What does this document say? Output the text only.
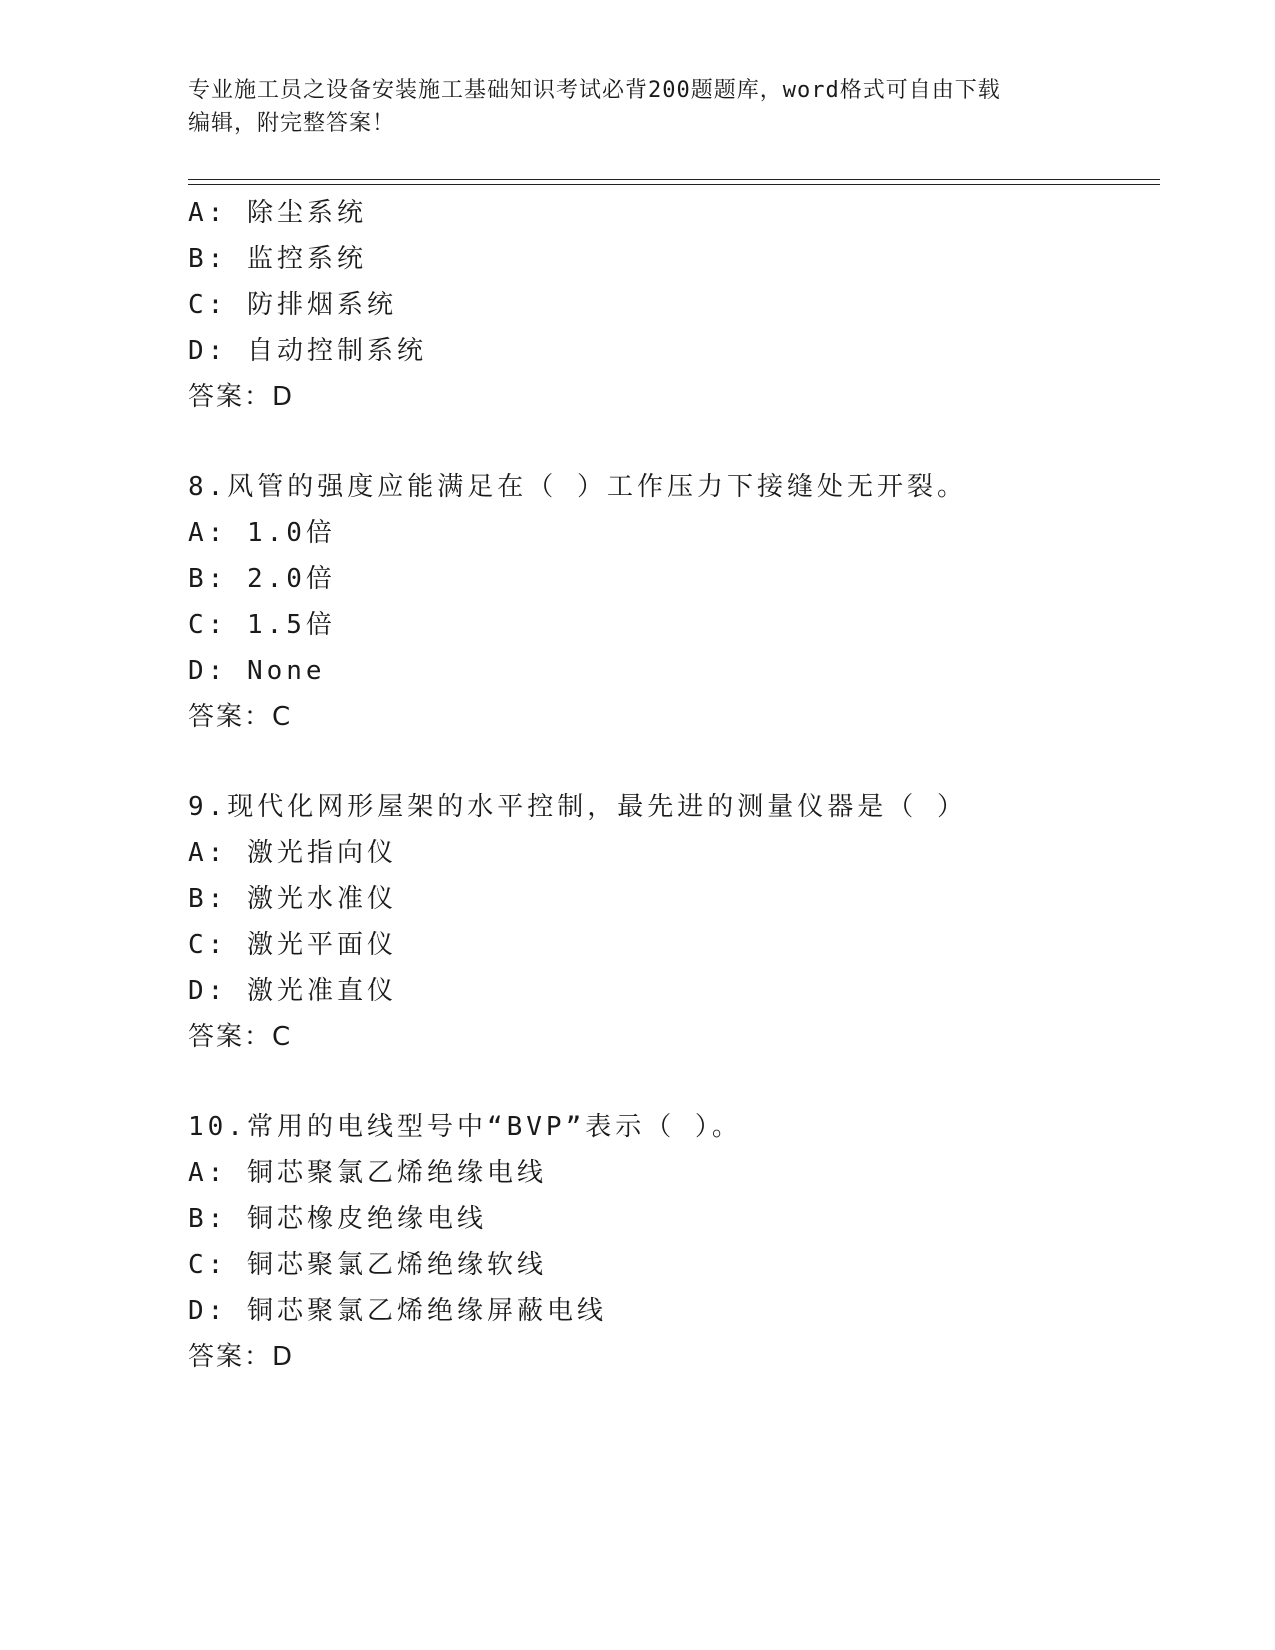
专业施工员之设备安装施工基础知识考试必背200题题库，word格式可自由下载
编辑，附完整答案！
A: 除尘系统
B: 监控系统
C: 防排烟系统
D: 自动控制系统
答案：D
8.风管的强度应能满足在（ ）工作压力下接缝处无开裂。
A: 1.0倍
B: 2.0倍
C: 1.5倍
D: None
答案：C
9.现代化网形屋架的水平控制，最先进的测量仪器是（ ）
A: 激光指向仪
B: 激光水准仪
C: 激光平面仪
D: 激光准直仪
答案：C
10.常用的电线型号中“BVP”表示（ ）。
A: 铜芯聚氯乙烯绝缘电线
B: 铜芯橡皮绝缘电线
C: 铜芯聚氯乙烯绝缘软线
D: 铜芯聚氯乙烯绝缘屏蔽电线
答案：D
